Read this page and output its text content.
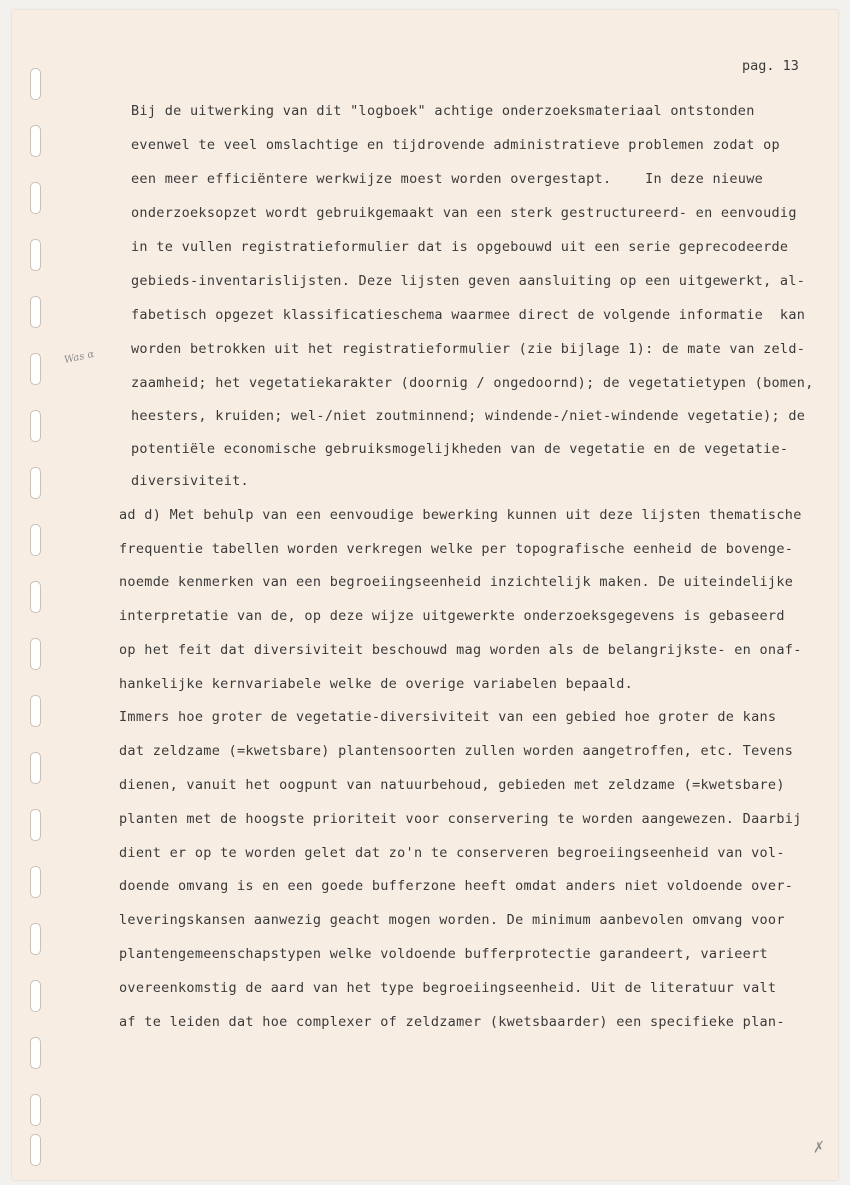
pag. 13
Was α
✗
Bij de uitwerking van dit "logboek" achtige onderzoeksmateriaal ontstonden
evenwel te veel omslachtige en tijdrovende administratieve problemen zodat op
een meer efficiëntere werkwijze moest worden overgestapt.    In deze nieuwe
onderzoeksopzet wordt gebruikgemaakt van een sterk gestructureerd- en eenvoudig
in te vullen registratieformulier dat is opgebouwd uit een serie geprecodeerde
gebieds-inventarislijsten. Deze lijsten geven aansluiting op een uitgewerkt, al-
fabetisch opgezet klassificatieschema waarmee direct de volgende informatie  kan
worden betrokken uit het registratieformulier (zie bijlage 1): de mate van zeld-
zaamheid; het vegetatiekarakter (doornig / ongedoornd); de vegetatietypen (bomen,
heesters, kruiden; wel-/niet zoutminnend; windende-/niet-windende vegetatie); de
potentiële economische gebruiksmogelijkheden van de vegetatie en de vegetatie-
diversiviteit.
ad d) Met behulp van een eenvoudige bewerking kunnen uit deze lijsten thematische
frequentie tabellen worden verkregen welke per topografische eenheid de bovenge-
noemde kenmerken van een begroeiingseenheid inzichtelijk maken. De uiteindelijke
interpretatie van de, op deze wijze uitgewerkte onderzoeksgegevens is gebaseerd
op het feit dat diversiviteit beschouwd mag worden als de belangrijkste- en onaf-
hankelijke kernvariabele welke de overige variabelen bepaald.
Immers hoe groter de vegetatie-diversiviteit van een gebied hoe groter de kans
dat zeldzame (=kwetsbare) plantensoorten zullen worden aangetroffen, etc. Tevens
dienen, vanuit het oogpunt van natuurbehoud, gebieden met zeldzame (=kwetsbare)
planten met de hoogste prioriteit voor conservering te worden aangewezen. Daarbij
dient er op te worden gelet dat zo'n te conserveren begroeiingseenheid van vol-
doende omvang is en een goede bufferzone heeft omdat anders niet voldoende over-
leveringskansen aanwezig geacht mogen worden. De minimum aanbevolen omvang voor
plantengemeenschapstypen welke voldoende bufferprotectie garandeert, varieert
overeenkomstig de aard van het type begroeiingseenheid. Uit de literatuur valt
af te leiden dat hoe complexer of zeldzamer (kwetsbaarder) een specifieke plan-
